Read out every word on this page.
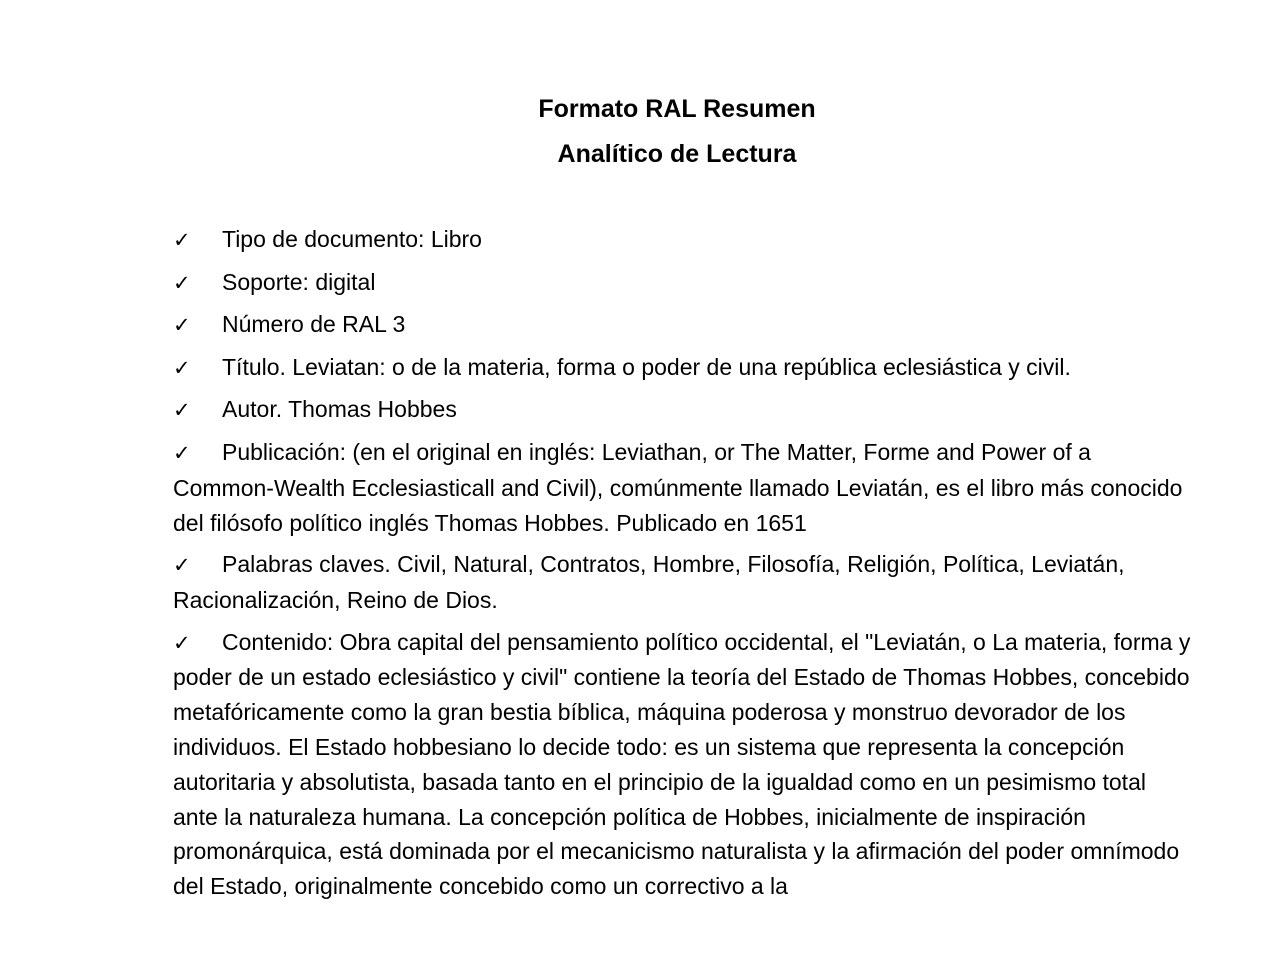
Formato RAL Resumen
Analítico de Lectura
✓ Tipo de documento: Libro
✓ Soporte: digital
✓ Número de RAL 3
✓ Título. Leviatan: o de la materia, forma o poder de una república eclesiástica y civil.
✓ Autor. Thomas Hobbes
✓ Publicación: (en el original en inglés: Leviathan, or The Matter, Forme and Power of a Common-Wealth Ecclesiasticall and Civil), comúnmente llamado Leviatán, es el libro más conocido del filósofo político inglés Thomas Hobbes. Publicado en 1651
✓ Palabras claves. Civil, Natural, Contratos, Hombre, Filosofía, Religión, Política, Leviatán, Racionalización, Reino de Dios.
✓ Contenido: Obra capital del pensamiento político occidental, el "Leviatán, o La materia, forma y poder de un estado eclesiástico y civil" contiene la teoría del Estado de Thomas Hobbes, concebido metafóricamente como la gran bestia bíblica, máquina poderosa y monstruo devorador de los individuos. El Estado hobbesiano lo decide todo: es un sistema que representa la concepción autoritaria y absolutista, basada tanto en el principio de la igualdad como en un pesimismo total ante la naturaleza humana. La concepción política de Hobbes, inicialmente de inspiración promonárquica, está dominada por el mecanicismo naturalista y la afirmación del poder omnímodo del Estado, originalmente concebido como un correctivo a la
